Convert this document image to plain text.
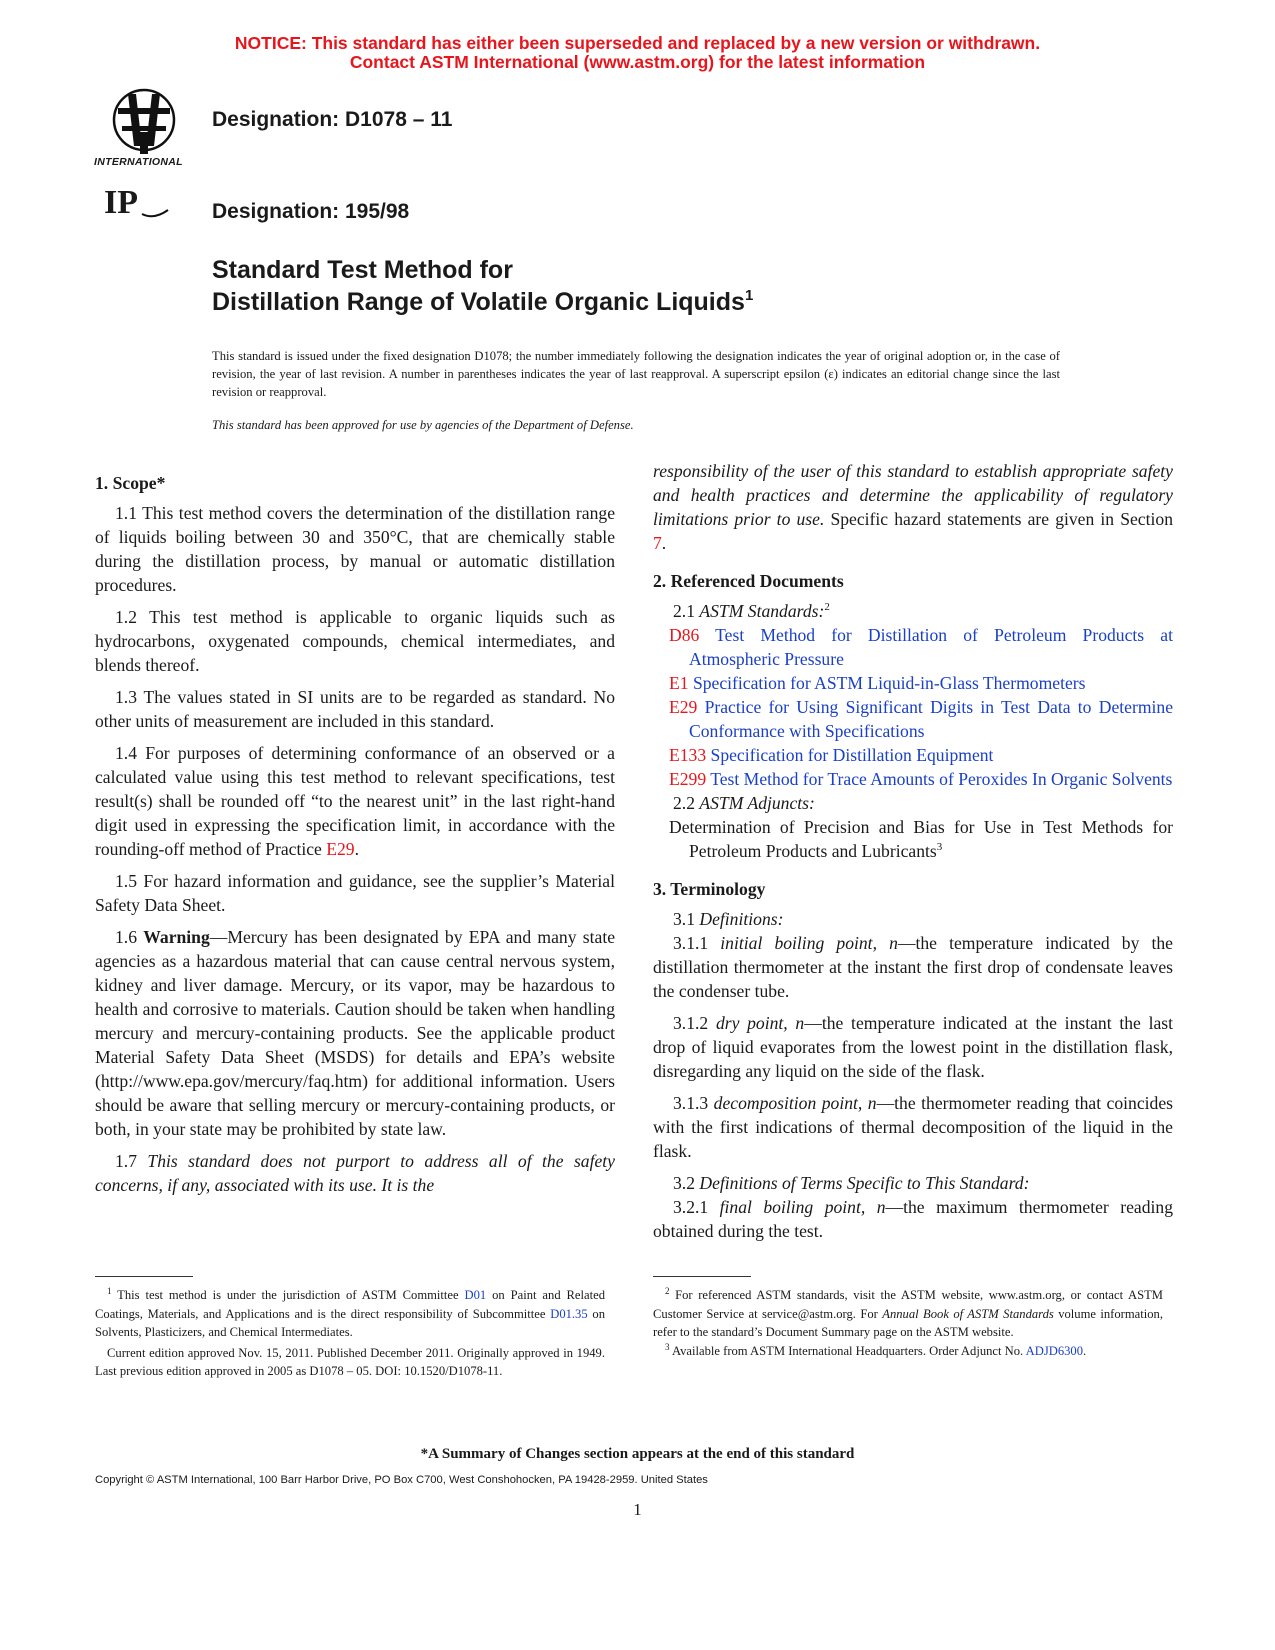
NOTICE: This standard has either been superseded and replaced by a new version or withdrawn.
Contact ASTM International (www.astm.org) for the latest information
INTERNATIONAL
Designation: D1078 – 11
IP	Designation: 195/98
Standard Test Method for
Distillation Range of Volatile Organic Liquids$^1$
This standard is issued under the fixed designation D1078; the number immediately following the designation indicates the year of original adoption or, in the case of revision, the year of last revision. A number in parentheses indicates the year of last reapproval. A superscript epsilon (ε) indicates an editorial change since the last revision or reapproval.
This standard has been approved for use by agencies of the Department of Defense.
1. Scope*

1.1 This test method covers the determination of the distillation range of liquids boiling between 30 and 350°C, that are chemically stable during the distillation process, by manual or automatic distillation procedures.

1.2 This test method is applicable to organic liquids such as hydrocarbons, oxygenated compounds, chemical intermediates, and blends thereof.

1.3 The values stated in SI units are to be regarded as standard. No other units of measurement are included in this standard.

1.4 For purposes of determining conformance of an observed or a calculated value using this test method to relevant specifications, test result(s) shall be rounded off “to the nearest unit” in the last right-hand digit used in expressing the specification limit, in accordance with the rounding-off method of Practice E29.

1.5 For hazard information and guidance, see the supplier’s Material Safety Data Sheet.

1.6 Warning—Mercury has been designated by EPA and many state agencies as a hazardous material that can cause central nervous system, kidney and liver damage. Mercury, or its vapor, may be hazardous to health and corrosive to materials. Caution should be taken when handling mercury and mercury-containing products. See the applicable product Material Safety Data Sheet (MSDS) for details and EPA’s website (http://www.epa.gov/mercury/faq.htm) for additional information. Users should be aware that selling mercury or mercury-containing products, or both, in your state may be prohibited by state law.

1.7 This standard does not purport to address all of the safety concerns, if any, associated with its use. It is the

responsibility of the user of this standard to establish appropriate safety and health practices and determine the applicability of regulatory limitations prior to use. Specific hazard statements are given in Section 7.

2. Referenced Documents

2.1 ASTM Standards:$^2$

D86 Test Method for Distillation of Petroleum Products at Atmospheric Pressure
E1 Specification for ASTM Liquid-in-Glass Thermometers
E29 Practice for Using Significant Digits in Test Data to Determine Conformance with Specifications
E133 Specification for Distillation Equipment
E299 Test Method for Trace Amounts of Peroxides In Organic Solvents

2.2 ASTM Adjuncts:

Determination of Precision and Bias for Use in Test Methods for Petroleum Products and Lubricants$^3$
3. Terminology

3.1 Definitions:

3.1.1 initial boiling point, n—the temperature indicated by the distillation thermometer at the instant the first drop of condensate leaves the condenser tube.

3.1.2 dry point, n—the temperature indicated at the instant the last drop of liquid evaporates from the lowest point in the distillation flask, disregarding any liquid on the side of the flask.

3.1.3 decomposition point, n—the thermometer reading that coincides with the first indications of thermal decomposition of the liquid in the flask.

3.2 Definitions of Terms Specific to This Standard:

3.2.1 final boiling point, n—the maximum thermometer reading obtained during the test.

$^1$ This test method is under the jurisdiction of ASTM Committee D01 on Paint and Related Coatings, Materials, and Applications and is the direct responsibility of Subcommittee D01.35 on Solvents, Plasticizers, and Chemical Intermediates.

Current edition approved Nov. 15, 2011. Published December 2011. Originally approved in 1949. Last previous edition approved in 2005 as D1078 – 05. DOI: 10.1520/D1078-11.

$^2$ For referenced ASTM standards, visit the ASTM website, www.astm.org, or contact ASTM Customer Service at service@astm.org. For Annual Book of ASTM Standards volume information, refer to the standard’s Document Summary page on the ASTM website.

$^3$ Available from ASTM International Headquarters. Order Adjunct No. ADJD6300.

*A Summary of Changes section appears at the end of this standard
Copyright © ASTM International, 100 Barr Harbor Drive, PO Box C700, West Conshohocken, PA 19428-2959. United States
1
